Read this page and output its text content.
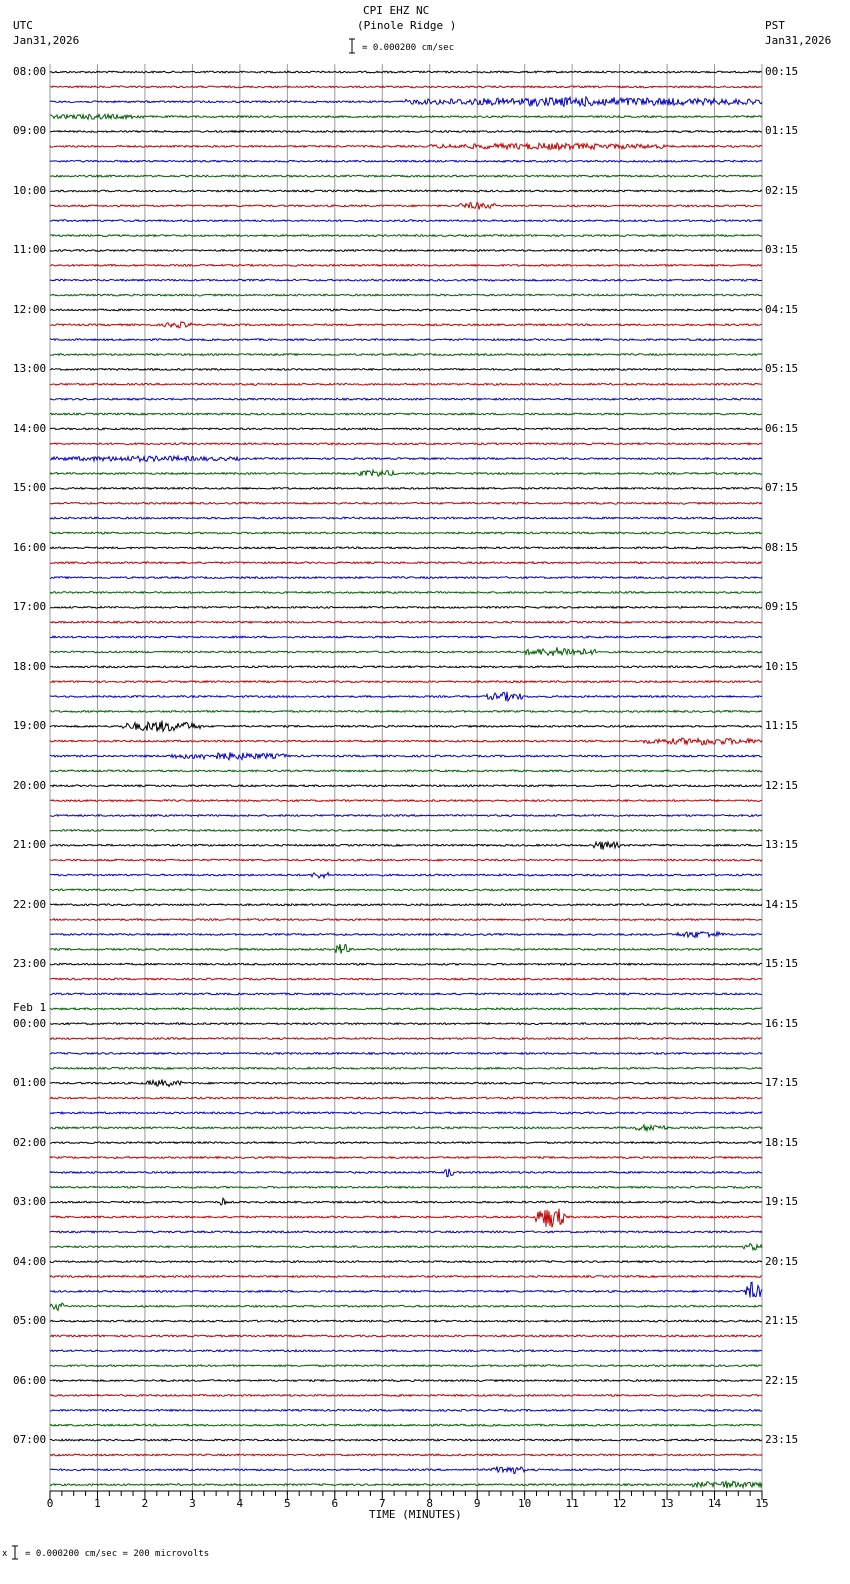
0	1	2	3	4	5	6	7	8	9	10	11	12	13	14	15
CPI EHZ NC
(Pinole Ridge )
UTC
Jan31,2026
PST
Jan31,2026
= 0.000200 cm/sec
x = 0.000200 cm/sec = 200 microvolts
TIME (MINUTES)
Feb 1
08:00	00:15
09:00	01:15
10:00	02:15
11:00	03:15
12:00	04:15
13:00	05:15
14:00	06:15
15:00	07:15
16:00	08:15
17:00	09:15
18:00	10:15
19:00	11:15
20:00	12:15
21:00	13:15
22:00	14:15
23:00	15:15
00:00	16:15
01:00	17:15
02:00	18:15
03:00	19:15
04:00	20:15
05:00	21:15
06:00	22:15
07:00	23:15
